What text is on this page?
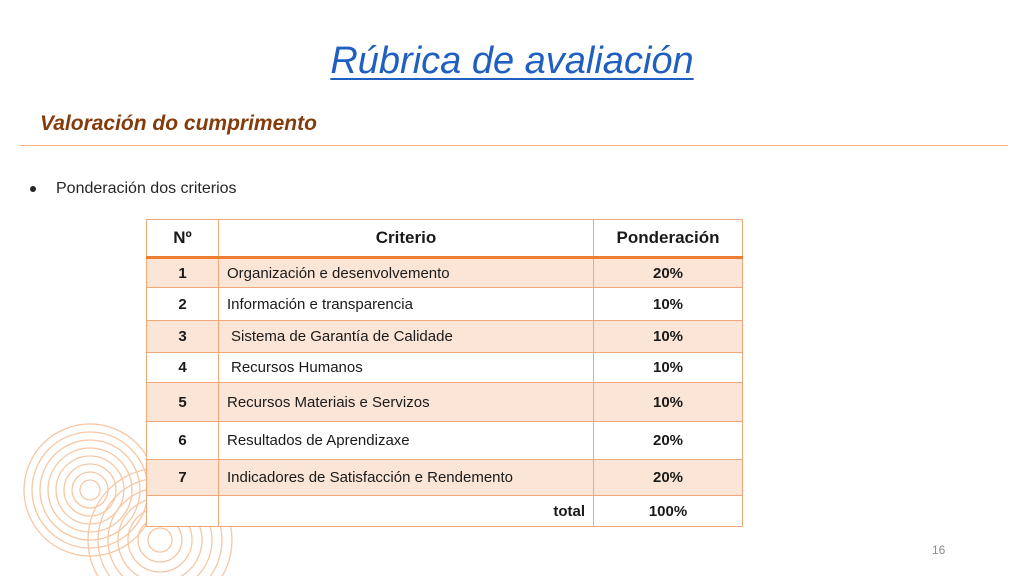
Rúbrica de avaliación
Valoración do cumprimento
Ponderación dos criterios
Nº	Criterio	Ponderación
1	Organización e desenvolvemento	20%
2	Información e transparencia	10%
3	Sistema de Garantía de Calidade	10%
4	Recursos Humanos	10%
5	Recursos Materiais e Servizos	10%
6	Resultados de Aprendizaxe	20%
7	Indicadores de Satisfacción e Rendemento	20%
	total	100%
16
